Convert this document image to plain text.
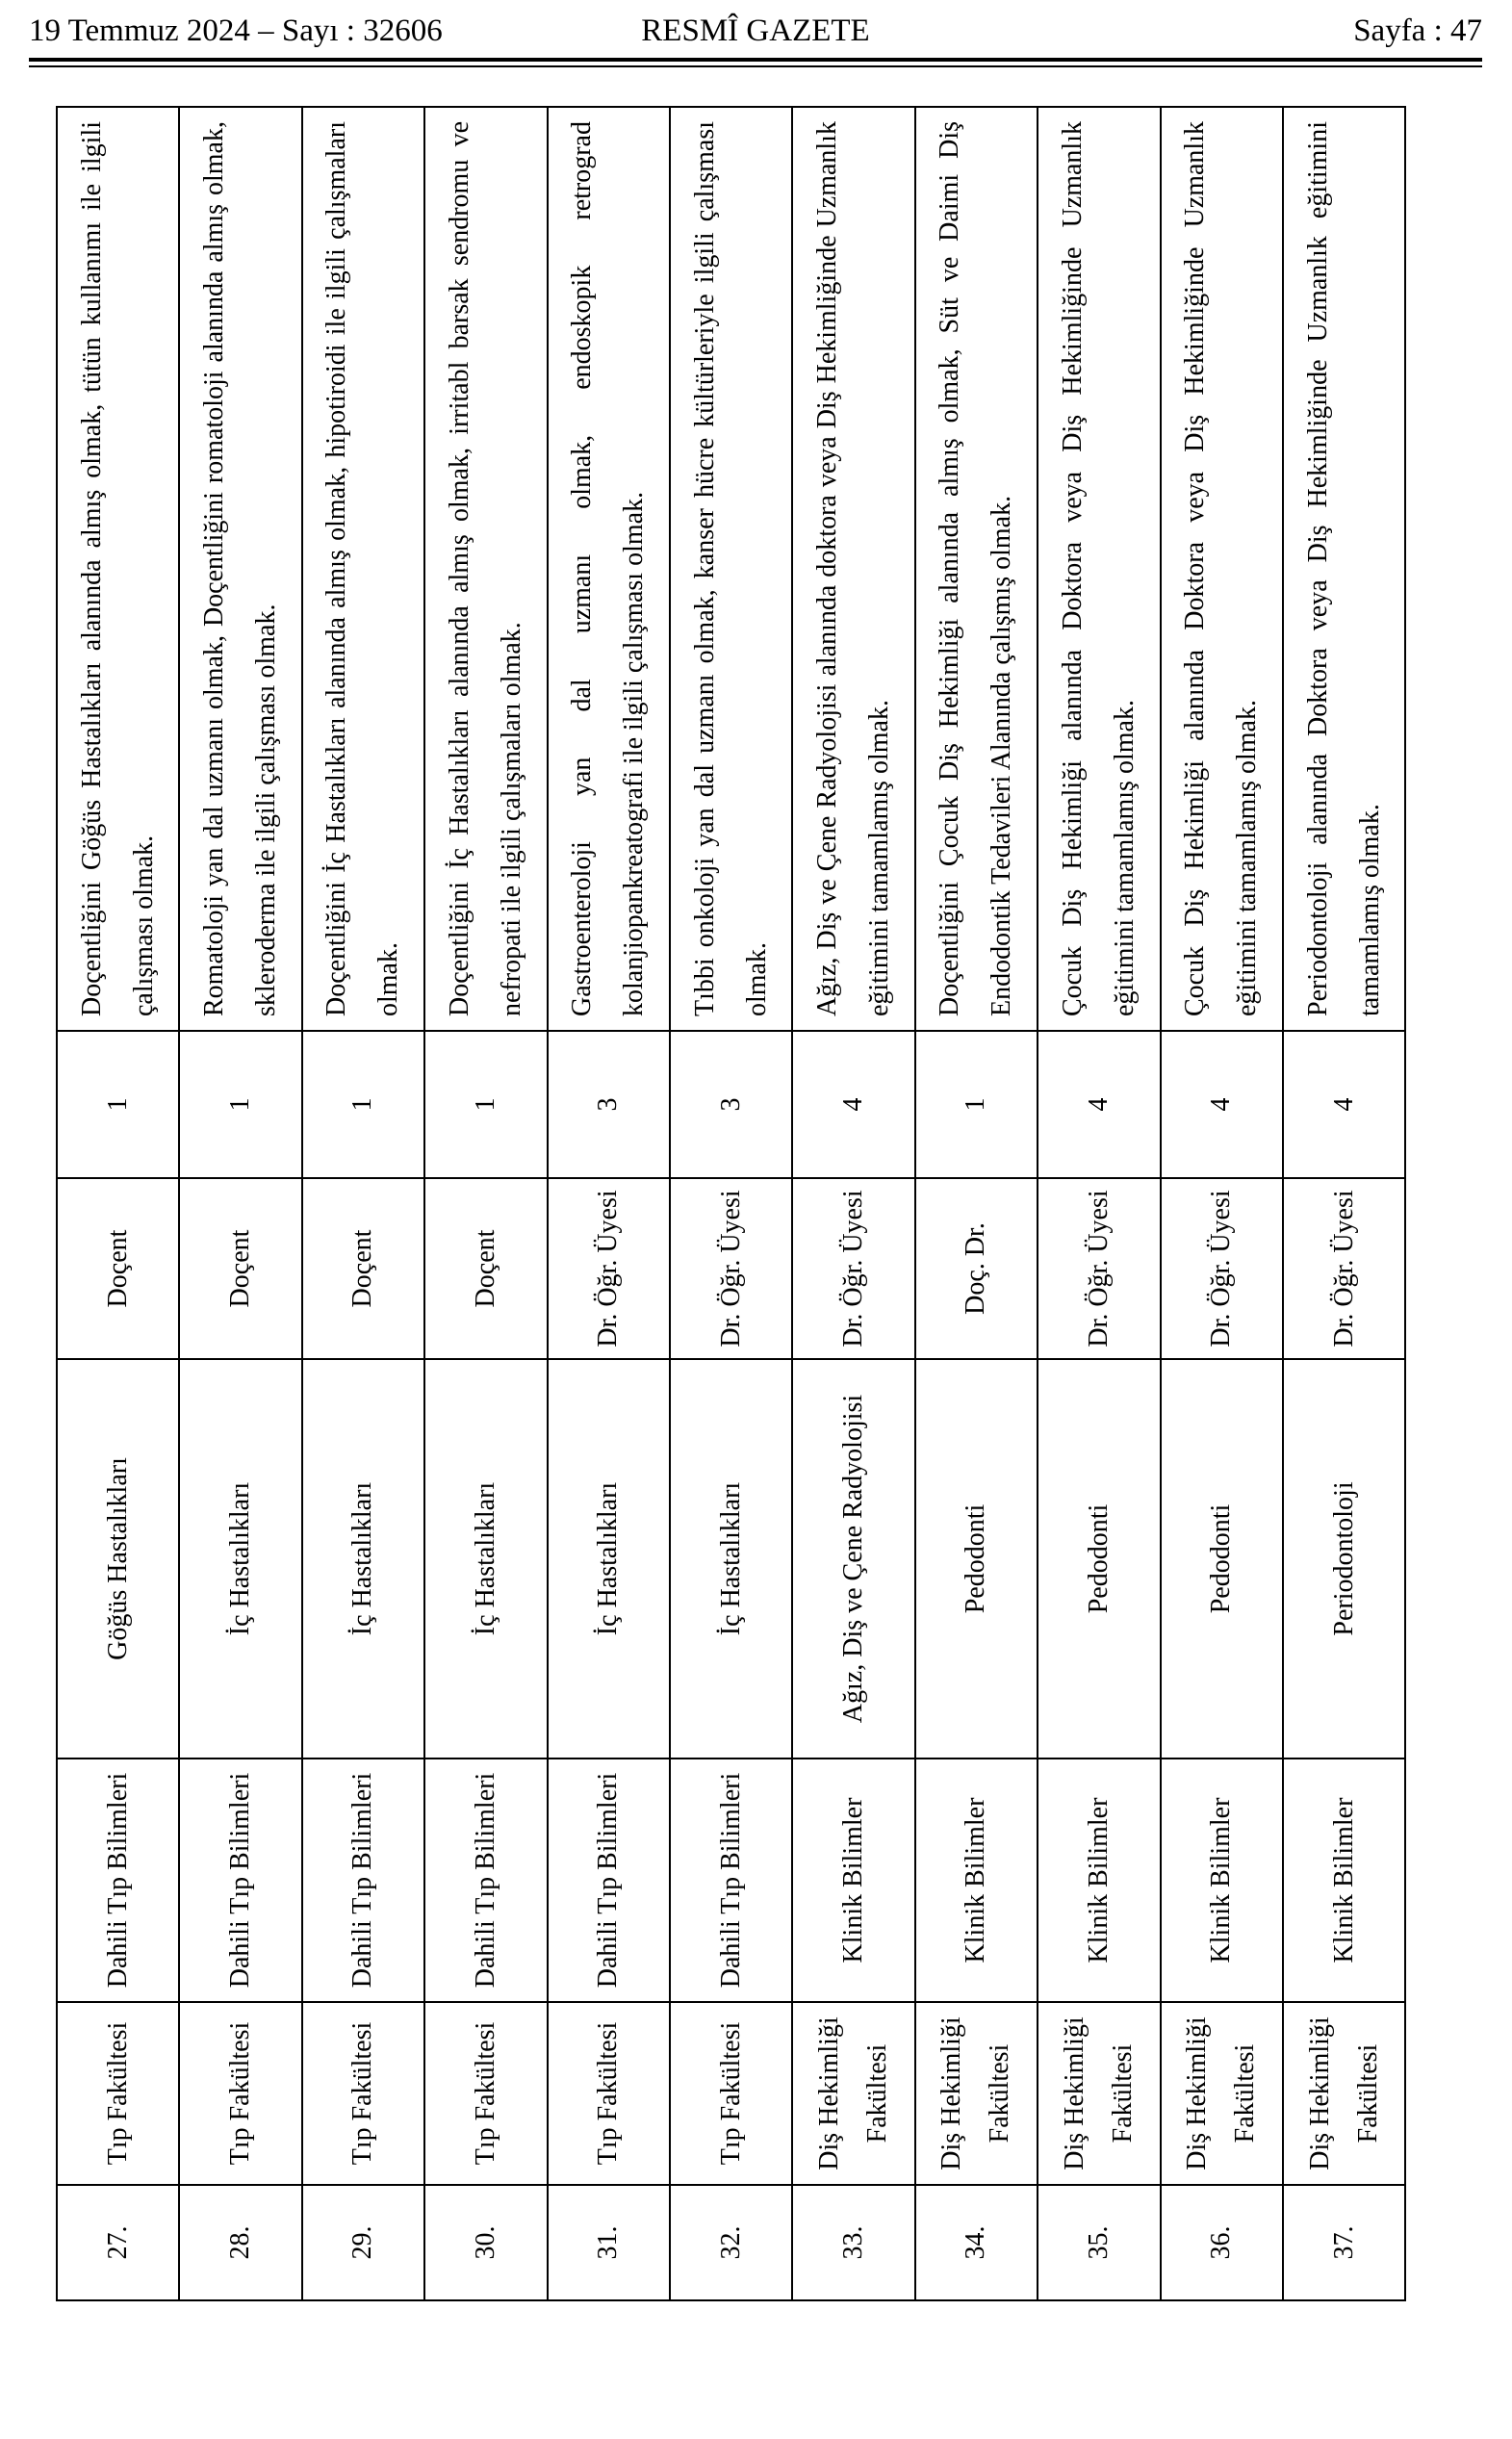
RESMÎ GAZETE
19 Temmuz 2024 – Sayı : 32606	Sayfa : 47
27.	Tıp Fakültesi	Dahili Tıp Bilimleri	Göğüs Hastalıkları	Doçent	1	Doçentliğini Göğüs Hastalıkları alanında almış olmak, tütün kullanımı ile ilgili çalışması olmak.
28.	Tıp Fakültesi	Dahili Tıp Bilimleri	İç Hastalıkları	Doçent	1	Romatoloji yan dal uzmanı olmak, Doçentliğini romatoloji alanında almış olmak, skleroderma ile ilgili çalışması olmak.
29.	Tıp Fakültesi	Dahili Tıp Bilimleri	İç Hastalıkları	Doçent	1	Doçentliğini İç Hastalıkları alanında almış olmak, hipotiroidi ile ilgili çalışmaları olmak.
30.	Tıp Fakültesi	Dahili Tıp Bilimleri	İç Hastalıkları	Doçent	1	Doçentliğini İç Hastalıkları alanında almış olmak, irritabl barsak sendromu ve nefropati ile ilgili çalışmaları olmak.
31.	Tıp Fakültesi	Dahili Tıp Bilimleri	İç Hastalıkları	Dr. Öğr. Üyesi	3	Gastroenteroloji yan dal uzmanı olmak, endoskopik retrograd kolanjiopankreatografi ile ilgili çalışması olmak.
32.	Tıp Fakültesi	Dahili Tıp Bilimleri	İç Hastalıkları	Dr. Öğr. Üyesi	3	Tıbbi onkoloji yan dal uzmanı olmak, kanser hücre kültürleriyle ilgili çalışması olmak.
33.	Diş Hekimliği Fakültesi	Klinik Bilimler	Ağız, Diş ve Çene Radyolojisi	Dr. Öğr. Üyesi	4	Ağız, Diş ve Çene Radyolojisi alanında doktora veya Diş Hekimliğinde Uzmanlık eğitimini tamamlamış olmak.
34.	Diş Hekimliği Fakültesi	Klinik Bilimler	Pedodonti	Doç. Dr.	1	Doçentliğini Çocuk Diş Hekimliği alanında almış olmak, Süt ve Daimi Diş Endodontik Tedavileri Alanında çalışmış olmak.
35.	Diş Hekimliği Fakültesi	Klinik Bilimler	Pedodonti	Dr. Öğr. Üyesi	4	Çocuk Diş Hekimliği alanında Doktora veya Diş Hekimliğinde Uzmanlık eğitimini tamamlamış olmak.
36.	Diş Hekimliği Fakültesi	Klinik Bilimler	Pedodonti	Dr. Öğr. Üyesi	4	Çocuk Diş Hekimliği alanında Doktora veya Diş Hekimliğinde Uzmanlık eğitimini tamamlamış olmak.
37.	Diş Hekimliği Fakültesi	Klinik Bilimler	Periodontoloji	Dr. Öğr. Üyesi	4	Periodontoloji alanında Doktora veya Diş Hekimliğinde Uzmanlık eğitimini tamamlamış olmak.
